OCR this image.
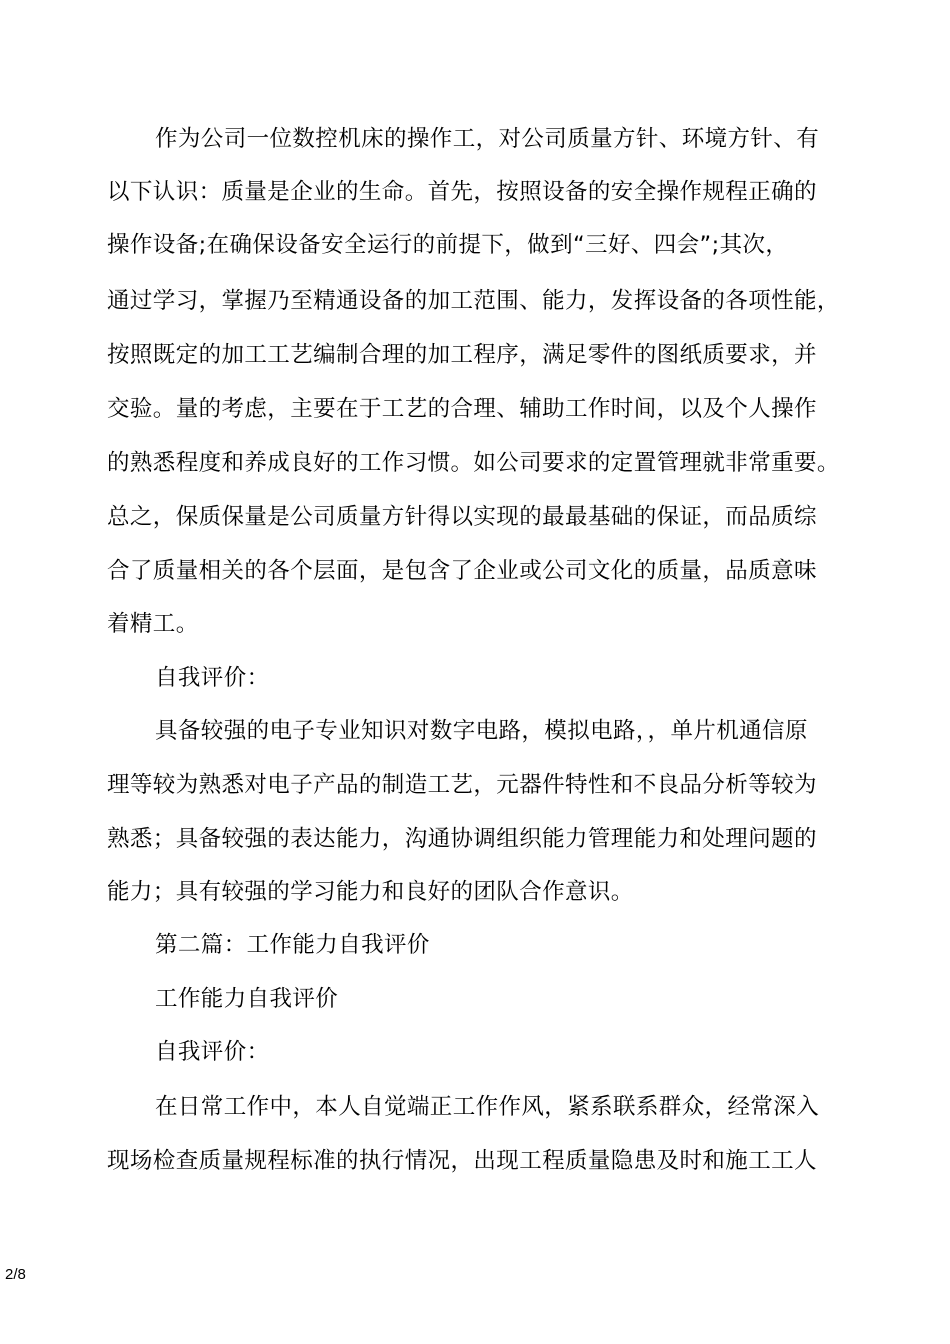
作为公司一位数控机床的操作工，对公司质量方针、环境方针、有
以下认识：质量是企业的生命。首先，按照设备的安全操作规程正确的
操作设备;在确保设备安全运行的前提下，做到“三好、四会”;其次，
通过学习，掌握乃至精通设备的加工范围、能力，发挥设备的各项性能，
按照既定的加工工艺编制合理的加工程序，满足零件的图纸质要求，并
交验。量的考虑，主要在于工艺的合理、辅助工作时间，以及个人操作
的熟悉程度和养成良好的工作习惯。如公司要求的定置管理就非常重要。
总之，保质保量是公司质量方针得以实现的最最基础的保证，而品质综
合了质量相关的各个层面，是包含了企业或公司文化的质量，品质意味
着精工。
自我评价：
具备较强的电子专业知识对数字电路，模拟电路，，单片机通信原
理等较为熟悉对电子产品的制造工艺，元器件特性和不良品分析等较为
熟悉；具备较强的表达能力，沟通协调组织能力管理能力和处理问题的
能力；具有较强的学习能力和良好的团队合作意识。
第二篇：工作能力自我评价
工作能力自我评价
自我评价：
在日常工作中，本人自觉端正工作作风，紧系联系群众，经常深入
现场检查质量规程标准的执行情况，出现工程质量隐患及时和施工工人
2/8
